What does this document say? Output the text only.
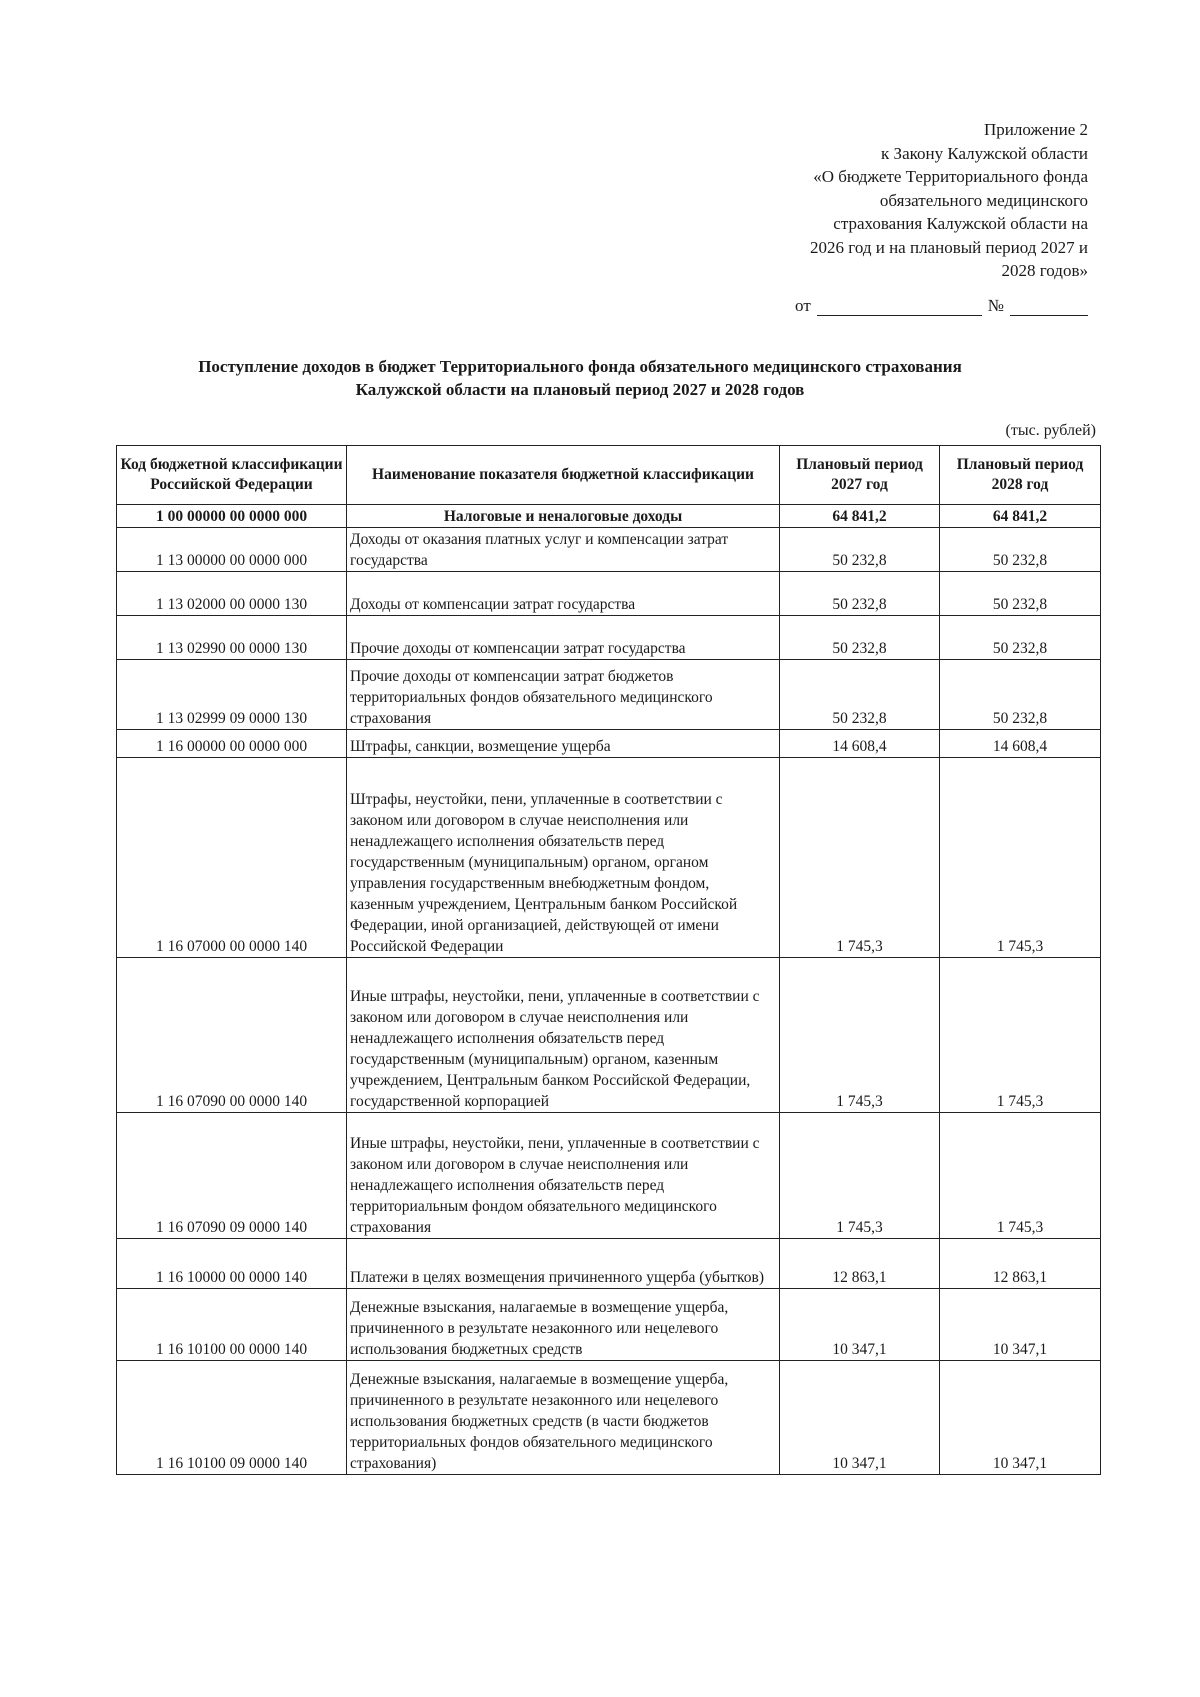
Приложение 2
к Закону Калужской области
«О бюджете Территориального фонда
обязательного медицинского
страхования Калужской области на
2026 год и на плановый период 2027 и
2028 годов»
от	№
Поступление доходов в бюджет Территориального фонда обязательного медицинского страхования
Калужской области на плановый период 2027 и 2028 годов
(тыс. рублей)
Код бюджетной классификации Российской Федерации	Наименование показателя бюджетной классификации	Плановый период 2027 год	Плановый период 2028 год
1 00 00000 00 0000 000	Налоговые и неналоговые доходы	64 841,2	64 841,2
1 13 00000 00 0000 000	Доходы от оказания платных услуг и компенсации затрат государства	50 232,8	50 232,8
1 13 02000 00 0000 130	Доходы от компенсации затрат государства	50 232,8	50 232,8
1 13 02990 00 0000 130	Прочие доходы от компенсации затрат государства	50 232,8	50 232,8
1 13 02999 09 0000 130	Прочие доходы от компенсации затрат бюджетов территориальных фондов обязательного медицинского страхования	50 232,8	50 232,8
1 16 00000 00 0000 000	Штрафы, санкции, возмещение ущерба	14 608,4	14 608,4
1 16 07000 00 0000 140	Штрафы, неустойки, пени, уплаченные в соответствии с законом или договором в случае неисполнения или ненадлежащего исполнения обязательств перед государственным (муниципальным) органом, органом управления государственным внебюджетным фондом, казенным учреждением, Центральным банком Российской Федерации, иной организацией, действующей от имени Российской Федерации	1 745,3	1 745,3
1 16 07090 00 0000 140	Иные штрафы, неустойки, пени, уплаченные в соответствии с законом или договором в случае неисполнения или ненадлежащего исполнения обязательств перед государственным (муниципальным) органом, казенным учреждением, Центральным банком Российской Федерации, государственной корпорацией	1 745,3	1 745,3
1 16 07090 09 0000 140	Иные штрафы, неустойки, пени, уплаченные в соответствии с законом или договором в случае неисполнения или ненадлежащего исполнения обязательств перед территориальным фондом обязательного медицинского страхования	1 745,3	1 745,3
1 16 10000 00 0000 140	Платежи в целях возмещения причиненного ущерба (убытков)	12 863,1	12 863,1
1 16 10100 00 0000 140	Денежные взыскания, налагаемые в возмещение ущерба, причиненного в результате незаконного или нецелевого использования бюджетных средств	10 347,1	10 347,1
1 16 10100 09 0000 140	Денежные взыскания, налагаемые в возмещение ущерба, причиненного в результате незаконного или нецелевого использования бюджетных средств (в части бюджетов территориальных фондов обязательного медицинского страхования)	10 347,1	10 347,1
